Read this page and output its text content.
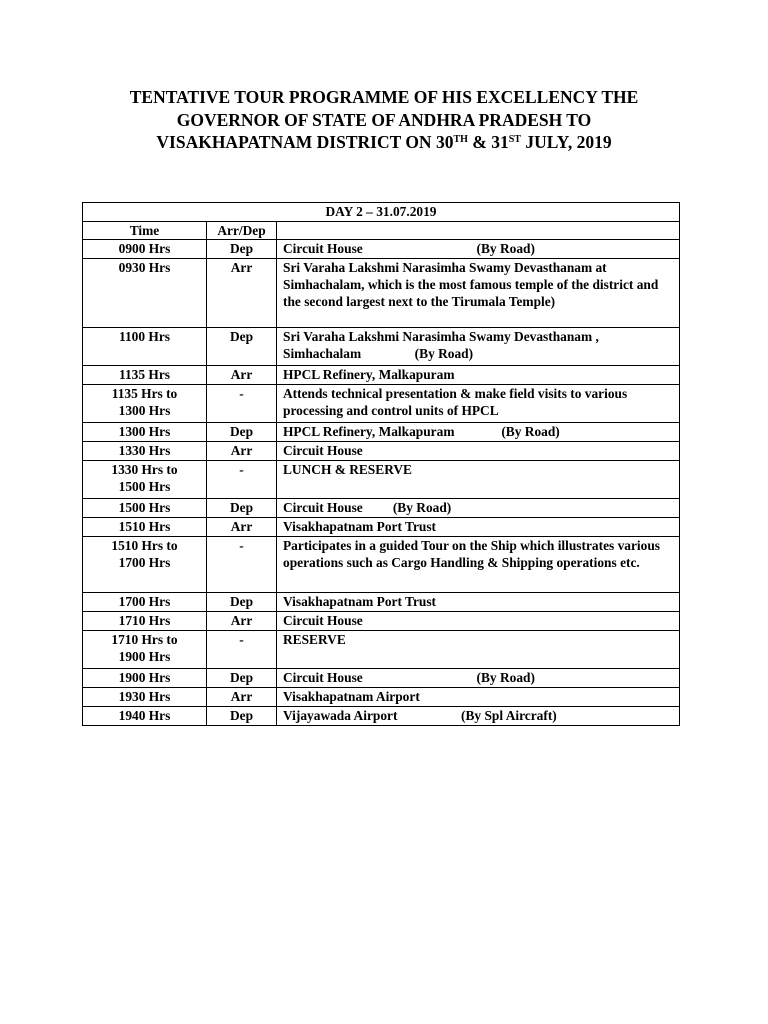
TENTATIVE TOUR PROGRAMME OF HIS EXCELLENCY THE
GOVERNOR OF STATE OF ANDHRA PRADESH TO
VISAKHAPATNAM DISTRICT ON 30TH & 31ST JULY, 2019
DAY 2 – 31.07.2019		
Time	Arr/Dep	
0900 Hrs	Dep	Circuit House                                  (By Road)
0930 Hrs	Arr	Sri Varaha Lakshmi Narasimha Swamy Devasthanam at Simhachalam, which is the most famous temple of the district and the second largest next to the Tirumala Temple)
1100 Hrs	Dep	Sri Varaha Lakshmi Narasimha Swamy Devasthanam ,
Simhachalam                (By Road)
1135 Hrs	Arr	HPCL Refinery, Malkapuram
1135 Hrs to
1300 Hrs	-	Attends technical presentation & make field visits to various processing and control units of HPCL
1300 Hrs	Dep	HPCL Refinery, Malkapuram              (By Road)
1330 Hrs	Arr	Circuit House
1330 Hrs to
1500 Hrs	-	LUNCH & RESERVE
1500 Hrs	Dep	Circuit House         (By Road)
1510 Hrs	Arr	Visakhapatnam Port Trust
1510 Hrs to
1700 Hrs	-	Participates in a guided Tour on the Ship which illustrates various operations such as Cargo Handling & Shipping operations etc.
1700 Hrs	Dep	Visakhapatnam Port Trust
1710 Hrs	Arr	Circuit House
1710 Hrs to
1900 Hrs	-	RESERVE
1900 Hrs	Dep	Circuit House                                  (By Road)
1930 Hrs	Arr	Visakhapatnam Airport
1940 Hrs	Dep	Vijayawada Airport                   (By Spl Aircraft)
